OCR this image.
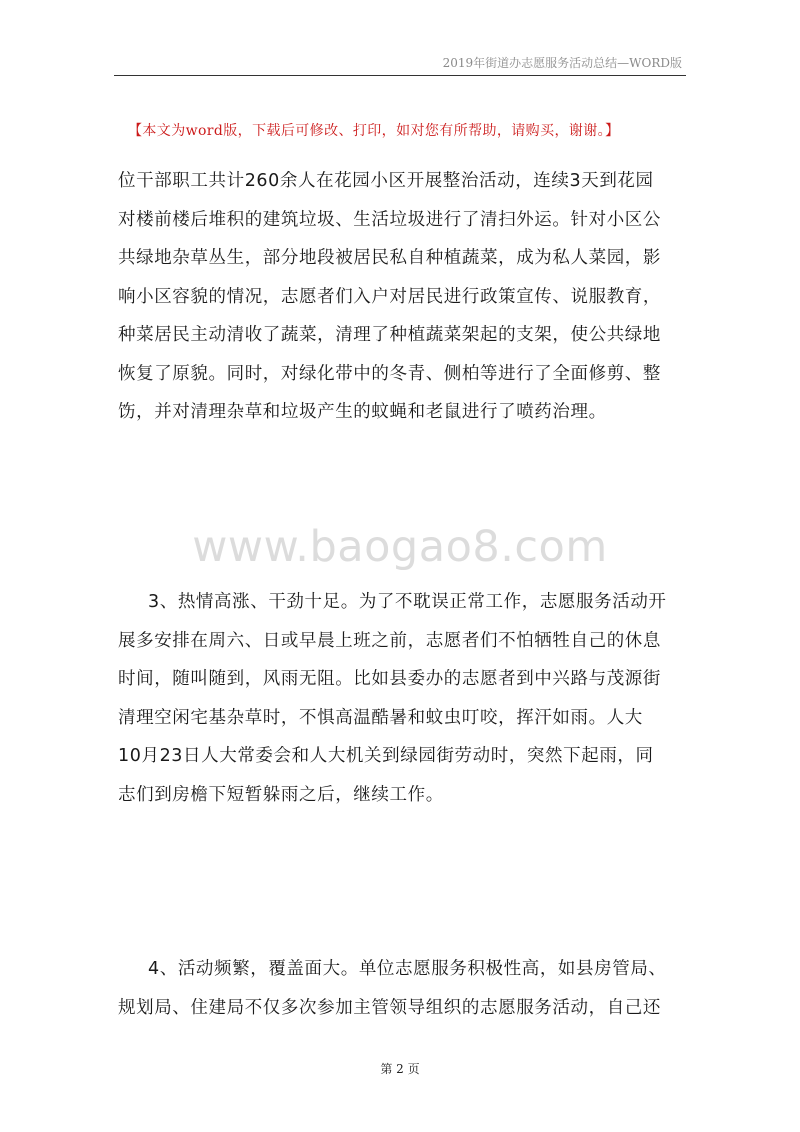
2019年街道办志愿服务活动总结—WORD版
【本文为word版，下载后可修改、打印，如对您有所帮助，请购买，谢谢。】
位干部职工共计260余人在花园小区开展整治活动，连续3天到花园
对楼前楼后堆积的建筑垃圾、生活垃圾进行了清扫外运。针对小区公
共绿地杂草丛生，部分地段被居民私自种植蔬菜，成为私人菜园，影
响小区容貌的情况，志愿者们入户对居民进行政策宣传、说服教育，
种菜居民主动清收了蔬菜，清理了种植蔬菜架起的支架，使公共绿地
恢复了原貌。同时，对绿化带中的冬青、侧柏等进行了全面修剪、整
饬，并对清理杂草和垃圾产生的蚊蝇和老鼠进行了喷药治理。
www.baogao8.com
3、热情高涨、干劲十足。为了不耽误正常工作，志愿服务活动开
展多安排在周六、日或早晨上班之前，志愿者们不怕牺牲自己的休息
时间，随叫随到，风雨无阻。比如县委办的志愿者到中兴路与茂源街
清理空闲宅基杂草时，不惧高温酷暑和蚊虫叮咬，挥汗如雨。人大
10月23日人大常委会和人大机关到绿园街劳动时，突然下起雨，同
志们到房檐下短暂躲雨之后，继续工作。
4、活动频繁，覆盖面大。单位志愿服务积极性高，如县房管局、
规划局、住建局不仅多次参加主管领导组织的志愿服务活动，自己还
第 2 页
